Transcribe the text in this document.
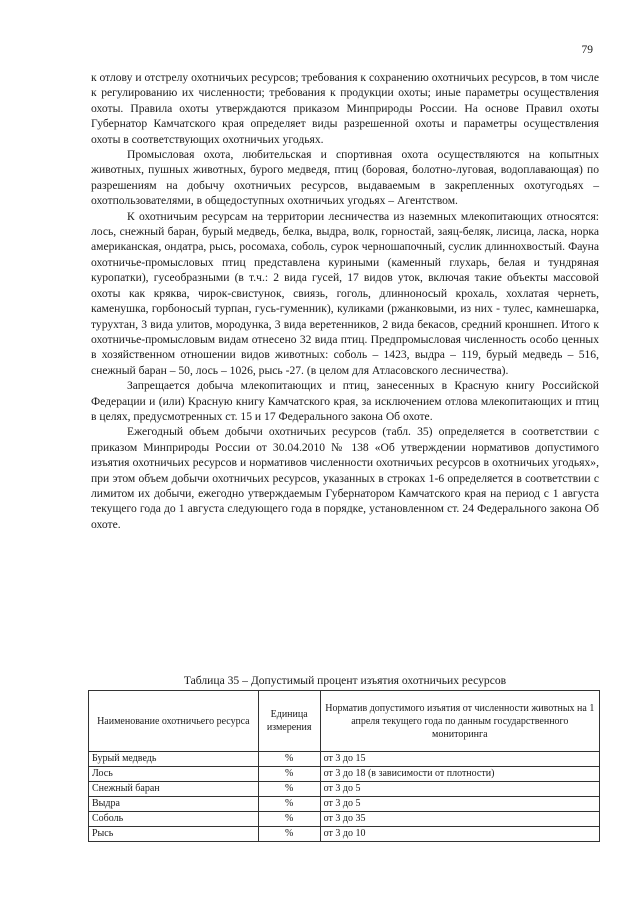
79

к отлову и отстрелу охотничьих ресурсов; требования к сохранению охотничьих ресурсов, в том числе к регулированию их численности; требования к продукции охоты; иные параметры осуществления охоты. Правила охоты утверждаются приказом Минприроды России. На основе Правил охоты Губернатор Камчатского края определяет виды разрешенной охоты и параметры осуществления охоты в соответствующих охотничьих угодьях.

Промысловая охота, любительская и спортивная охота осуществляются на копытных животных, пушных животных, бурого медведя, птиц (боровая, болотно-луговая, водоплавающая) по разрешениям на добычу охотничьих ресурсов, выдаваемым в закрепленных охотугодьях – охотпользователями, в общедоступных охотничьих угодьях – Агентством.

К охотничьим ресурсам на территории лесничества из наземных млекопитающих относятся: лось, снежный баран, бурый медведь, белка, выдра, волк, горностай, заяц-беляк, лисица, ласка, норка американская, ондатра, рысь, росомаха, соболь, сурок черношапочный, суслик длиннохвостый. Фауна охотничье-промысловых птиц представлена куриными (каменный глухарь, белая и тундряная куропатки), гусеобразными (в т.ч.: 2 вида гусей, 17 видов уток, включая такие объекты массовой охоты как кряква, чирок-свистунок, свиязь, гоголь, длинноносый крохаль, хохлатая чернеть, каменушка, горбоносый турпан, гусь-гуменник), куликами (ржанковыми, из них - тулес, камнешарка, турухтан, 3 вида улитов, мородунка, 3 вида веретенников, 2 вида бекасов, средний кроншнеп. Итого к охотничье-промысловым видам отнесено 32 вида птиц. Предпромысловая численность особо ценных в хозяйственном отношении видов животных: соболь – 1423, выдра – 119, бурый медведь – 516, снежный баран – 50, лось – 1026, рысь -27. (в целом для Атласовского лесничества).

Запрещается добыча млекопитающих и птиц, занесенных в Красную книгу Российской Федерации и (или) Красную книгу Камчатского края, за исключением отлова млекопитающих и птиц в целях, предусмотренных ст. 15 и 17 Федерального закона Об охоте.

Ежегодный объем добычи охотничьих ресурсов (табл. 35) определяется в соответствии с приказом Минприроды России от 30.04.2010 № 138 «Об утверждении нормативов допустимого изъятия охотничьих ресурсов и нормативов численности охотничьих ресурсов в охотничьих угодьях», при этом объем добычи охотничьих ресурсов, указанных в строках 1-6 определяется в соответствии с лимитом их добычи, ежегодно утверждаемым Губернатором Камчатского края на период с 1 августа текущего года до 1 августа следующего года в порядке, установленном ст. 24 Федерального закона Об охоте.

Таблица 35 – Допустимый процент изъятия охотничьих ресурсов
Наименование охотничьего ресурса	Единица измерения	Норматив допустимого изъятия от численности животных на 1 апреля текущего года по данным государственного мониторинга
Бурый медведь	%	от 3 до 15
Лось	%	от 3 до 18 (в зависимости от плотности)
Снежный баран	%	от 3 до 5
Выдра	%	от 3 до 5
Соболь	%	от 3 до 35
Рысь	%	от 3 до 10
